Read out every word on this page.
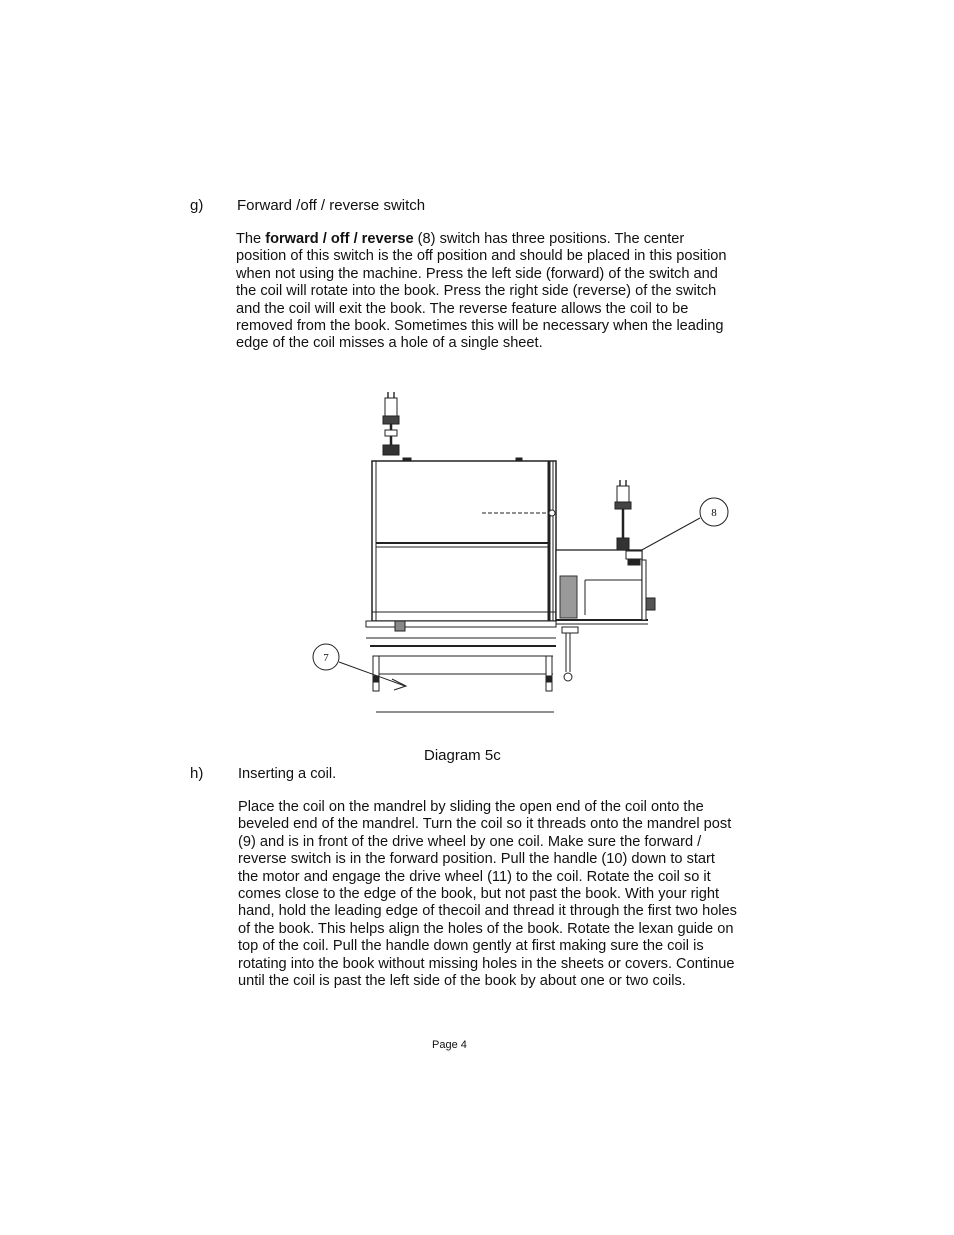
g) Forward /off / reverse switch
The forward / off / reverse (8) switch has three positions. The center position of this switch is the off position and should be placed in this position when not using the machine. Press the left side (forward) of the switch and the coil will rotate into the book. Press the right side (reverse) of the switch and the coil will exit the book. The reverse feature allows the coil to be removed from the book. Sometimes this will be necessary when the leading edge of the coil misses a hole of a single sheet.
7
8
Diagram 5c
h) Inserting a coil.
Place the coil on the mandrel by sliding the open end of the coil onto the beveled end of the mandrel. Turn the coil so it threads onto the mandrel post (9) and is in front of the drive wheel by one coil. Make sure the forward / reverse switch is in the forward position. Pull the handle (10) down to start the motor and engage the drive wheel (11) to the coil. Rotate the coil so it comes close to the edge of the book, but not past the book. With your right hand, hold the leading edge of thecoil and thread it through the first two holes of the book. This helps align the holes of the book. Rotate the lexan guide on top of the coil. Pull the handle down gently at first making sure the coil is rotating into the book without missing holes in the sheets or covers. Continue until the coil is past the left side of the book by about one or two coils.
Page 4
